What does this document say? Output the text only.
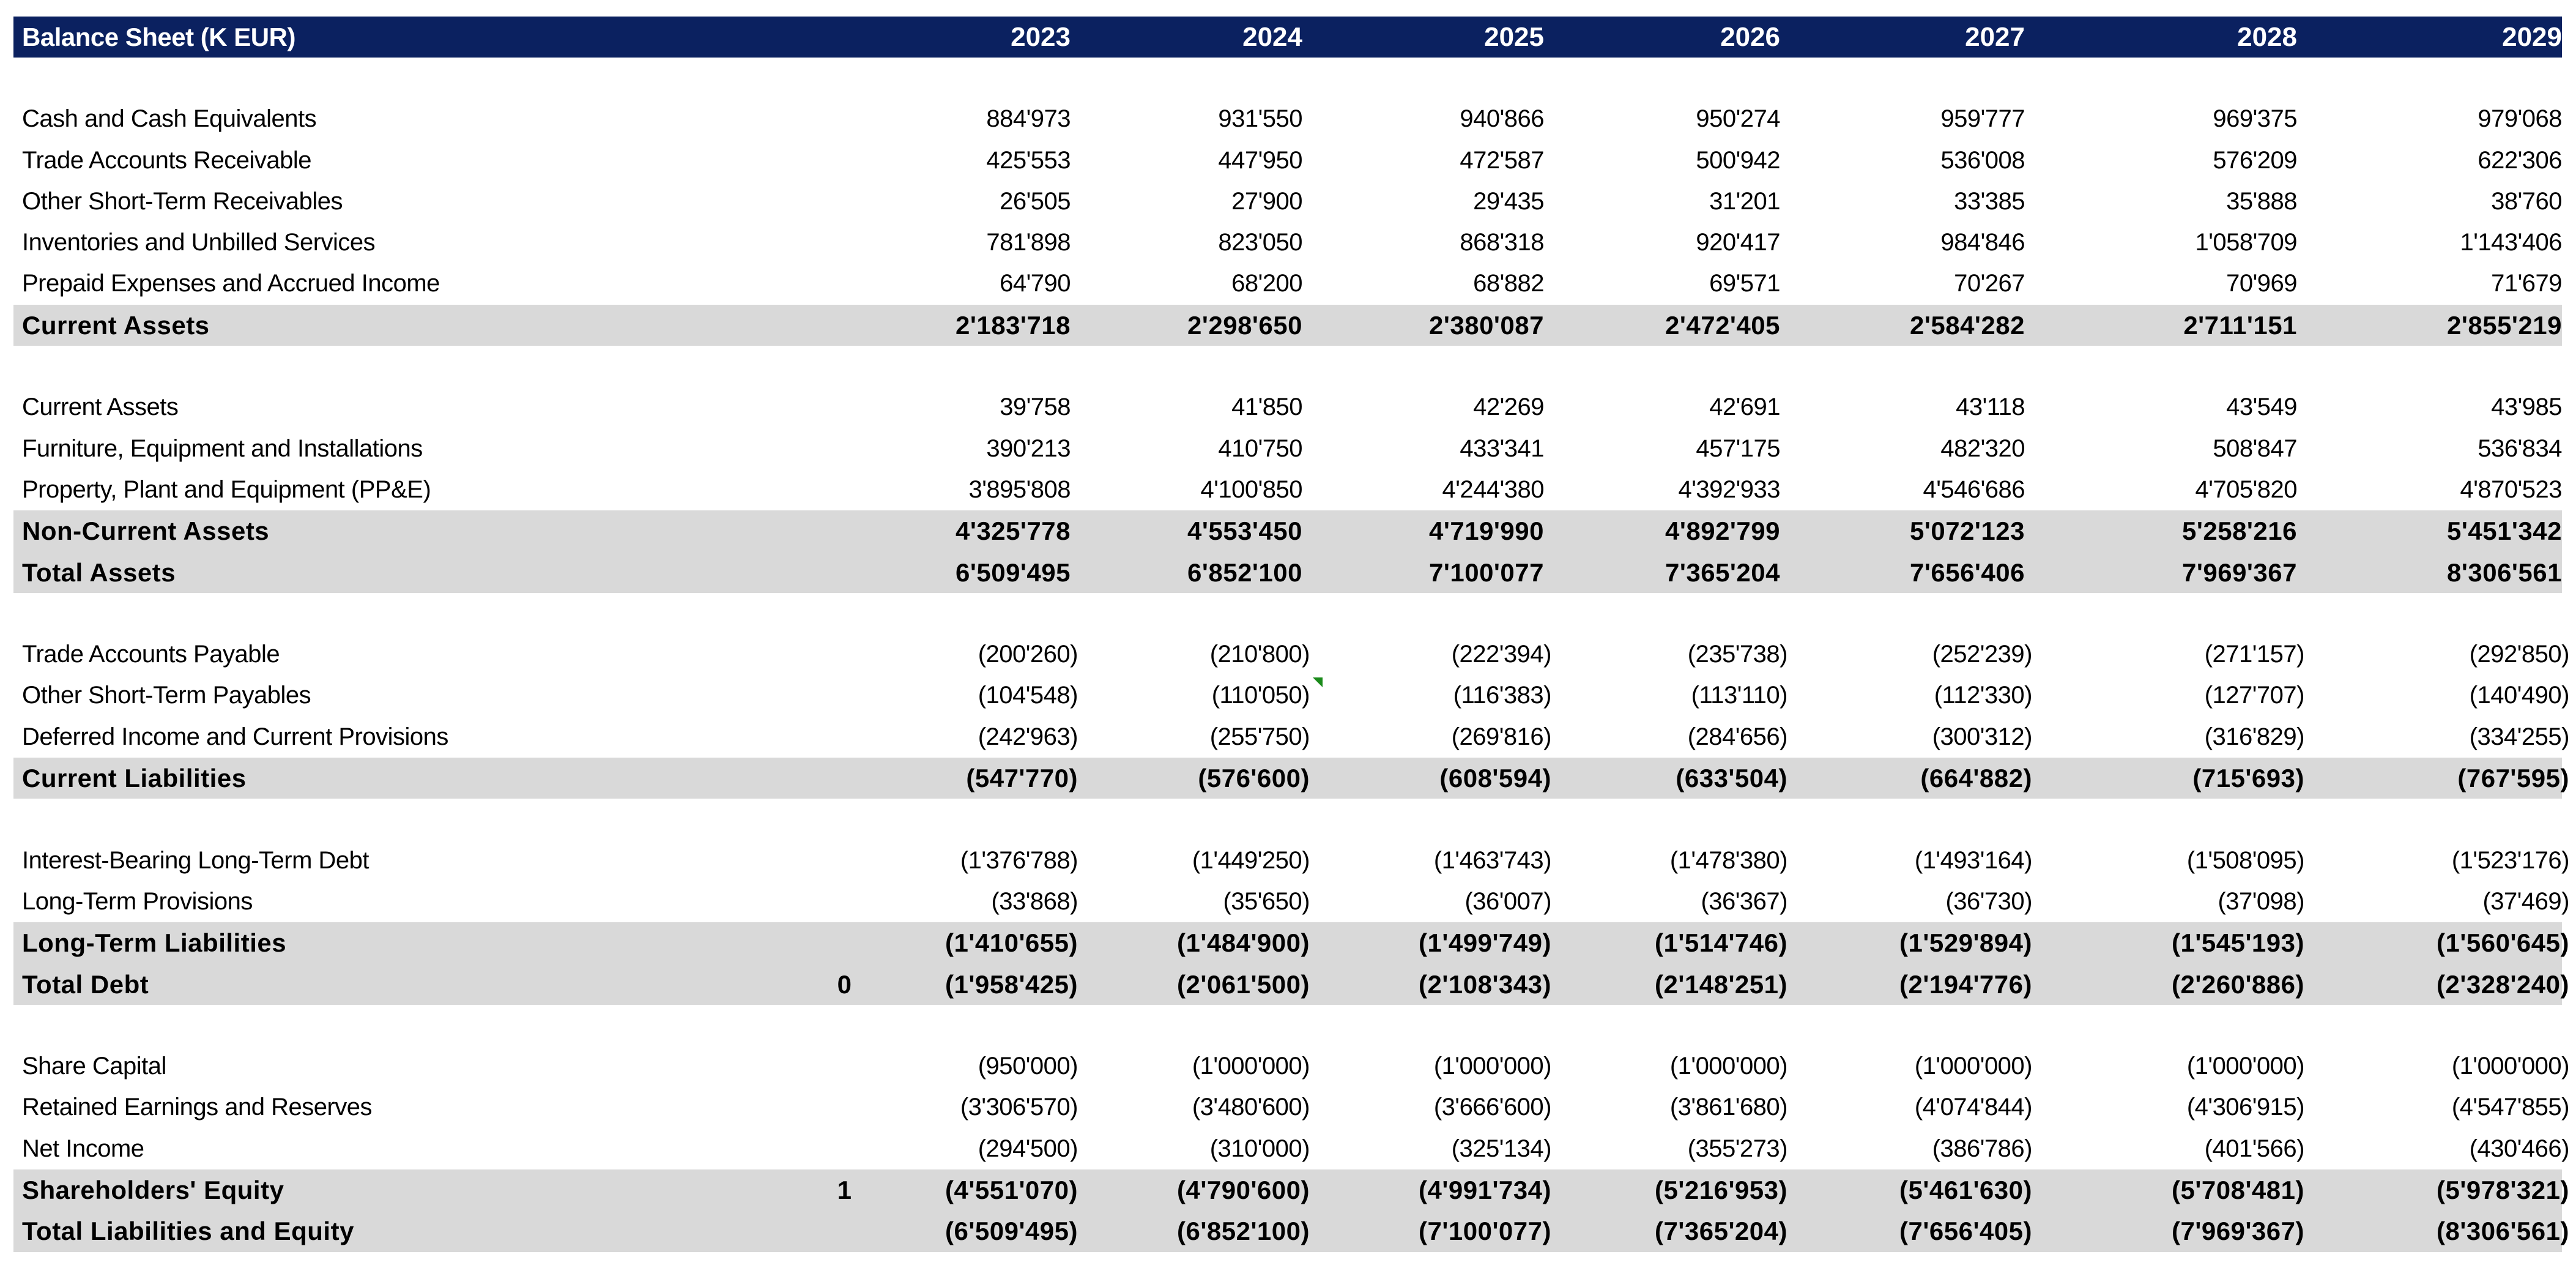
Balance Sheet (K EUR)	2023	2024	2025	2026	2027	2028	2029
Cash and Cash Equivalents	884'973	931'550	940'866	950'274	959'777	969'375	979'068
Trade Accounts Receivable	425'553	447'950	472'587	500'942	536'008	576'209	622'306
Other Short-Term Receivables	26'505	27'900	29'435	31'201	33'385	35'888	38'760
Inventories and Unbilled Services	781'898	823'050	868'318	920'417	984'846	1'058'709	1'143'406
Prepaid Expenses and Accrued Income	64'790	68'200	68'882	69'571	70'267	70'969	71'679
Current Assets	2'183'718	2'298'650	2'380'087	2'472'405	2'584'282	2'711'151	2'855'219
Current Assets	39'758	41'850	42'269	42'691	43'118	43'549	43'985
Furniture, Equipment and Installations	390'213	410'750	433'341	457'175	482'320	508'847	536'834
Property, Plant and Equipment (PP&E)	3'895'808	4'100'850	4'244'380	4'392'933	4'546'686	4'705'820	4'870'523
Non-Current Assets	4'325'778	4'553'450	4'719'990	4'892'799	5'072'123	5'258'216	5'451'342
Total Assets	6'509'495	6'852'100	7'100'077	7'365'204	7'656'406	7'969'367	8'306'561
Trade Accounts Payable	(200'260)	(210'800)	(222'394)	(235'738)	(252'239)	(271'157)	(292'850)
Other Short-Term Payables	(104'548)	(110'050)	(116'383)	(113'110)	(112'330)	(127'707)	(140'490)
Deferred Income and Current Provisions	(242'963)	(255'750)	(269'816)	(284'656)	(300'312)	(316'829)	(334'255)
Current Liabilities	(547'770)	(576'600)	(608'594)	(633'504)	(664'882)	(715'693)	(767'595)
Interest-Bearing Long-Term Debt	(1'376'788)	(1'449'250)	(1'463'743)	(1'478'380)	(1'493'164)	(1'508'095)	(1'523'176)
Long-Term Provisions	(33'868)	(35'650)	(36'007)	(36'367)	(36'730)	(37'098)	(37'469)
Long-Term Liabilities	(1'410'655)	(1'484'900)	(1'499'749)	(1'514'746)	(1'529'894)	(1'545'193)	(1'560'645)
Total Debt	0	(1'958'425)	(2'061'500)	(2'108'343)	(2'148'251)	(2'194'776)	(2'260'886)	(2'328'240)
Share Capital	(950'000)	(1'000'000)	(1'000'000)	(1'000'000)	(1'000'000)	(1'000'000)	(1'000'000)
Retained Earnings and Reserves	(3'306'570)	(3'480'600)	(3'666'600)	(3'861'680)	(4'074'844)	(4'306'915)	(4'547'855)
Net Income	(294'500)	(310'000)	(325'134)	(355'273)	(386'786)	(401'566)	(430'466)
Shareholders' Equity	1	(4'551'070)	(4'790'600)	(4'991'734)	(5'216'953)	(5'461'630)	(5'708'481)	(5'978'321)
Total Liabilities and Equity	(6'509'495)	(6'852'100)	(7'100'077)	(7'365'204)	(7'656'405)	(7'969'367)	(8'306'561)
